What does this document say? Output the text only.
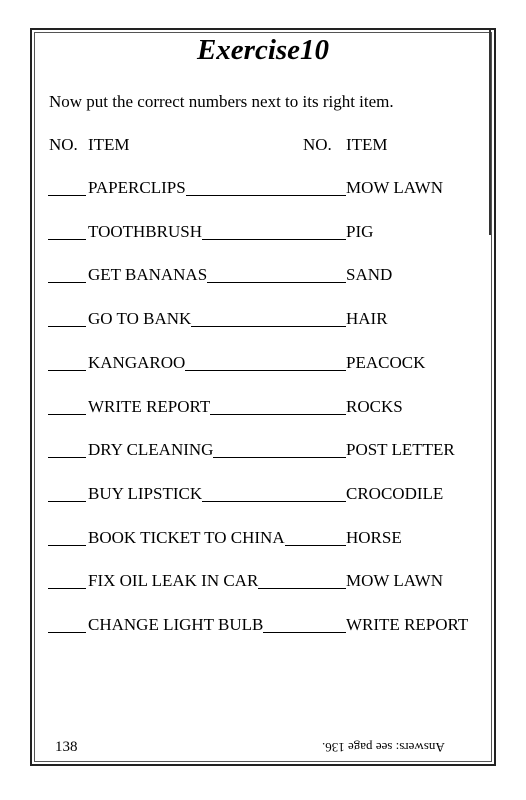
Exercise10
Now put the correct numbers next to its right item.
NO. ITEM	NO. ITEM
PAPERCLIPS	MOW LAWN
TOOTHBRUSH	PIG
GET BANANAS	SAND
GO TO BANK	HAIR
KANGAROO	PEACOCK
WRITE REPORT	ROCKS
DRY CLEANING	POST LETTER
BUY LIPSTICK	CROCODILE
BOOK TICKET TO CHINA	HORSE
FIX OIL LEAK IN CAR	MOW LAWN
CHANGE LIGHT BULB	WRITE REPORT
138	Answers: see page 136.
